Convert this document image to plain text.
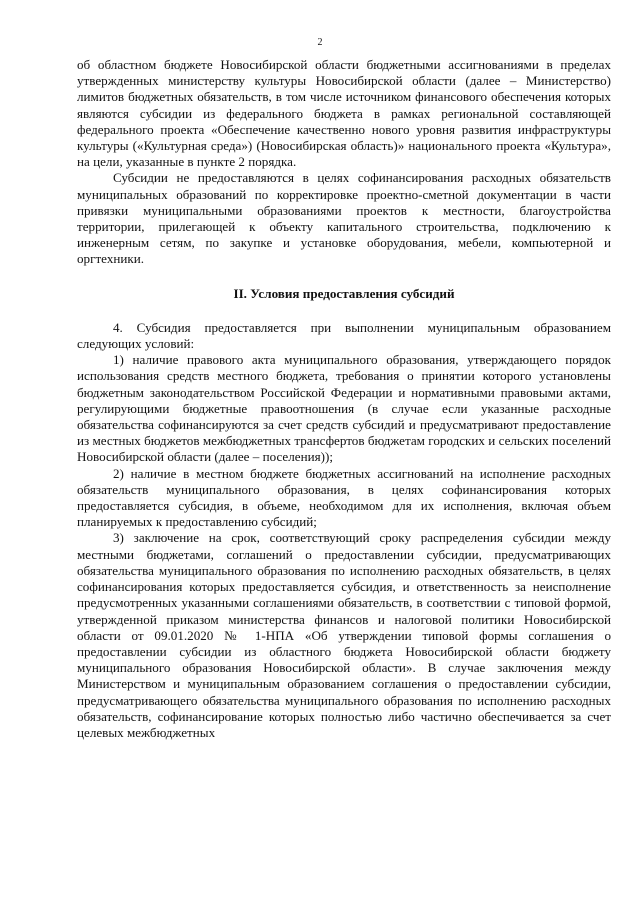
2

об областном бюджете Новосибирской области бюджетными ассигнованиями в пределах утвержденных министерству культуры Новосибирской области (далее – Министерство) лимитов бюджетных обязательств, в том числе источником финансового обеспечения которых являются субсидии из федерального бюджета в рамках региональной составляющей федерального проекта «Обеспечение качественно нового уровня развития инфраструктуры культуры («Культурная среда») (Новосибирская область)» национального проекта «Культура», на цели, указанные в пункте 2 порядка.

Субсидии не предоставляются в целях софинансирования расходных обязательств муниципальных образований по корректировке проектно-сметной документации в части привязки муниципальными образованиями проектов к местности, благоустройства территории, прилегающей к объекту капитального строительства, подключению к инженерным сетям, по закупке и установке оборудования, мебели, компьютерной и оргтехники.

II. Условия предоставления субсидий

4. Субсидия предоставляется при выполнении муниципальным образованием следующих условий:

1) наличие правового акта муниципального образования, утверждающего порядок использования средств местного бюджета, требования о принятии которого установлены бюджетным законодательством Российской Федерации и нормативными правовыми актами, регулирующими бюджетные правоотношения (в случае если указанные расходные обязательства софинансируются за счет средств субсидий и предусматривают предоставление из местных бюджетов межбюджетных трансфертов бюджетам городских и сельских поселений Новосибирской области (далее – поселения));

2) наличие в местном бюджете бюджетных ассигнований на исполнение расходных обязательств муниципального образования, в целях софинансирования которых предоставляется субсидия, в объеме, необходимом для их исполнения, включая объем планируемых к предоставлению субсидий;

3) заключение на срок, соответствующий сроку распределения субсидии между местными бюджетами, соглашений о предоставлении субсидии, предусматривающих обязательства муниципального образования по исполнению расходных обязательств, в целях софинансирования которых предоставляется субсидия, и ответственность за неисполнение предусмотренных указанными соглашениями обязательств, в соответствии с типовой формой, утвержденной приказом министерства финансов и налоговой политики Новосибирской области от 09.01.2020 № 1-НПА «Об утверждении типовой формы соглашения о предоставлении субсидии из областного бюджета Новосибирской области бюджету муниципального образования Новосибирской области». В случае заключения между Министерством и муниципальным образованием соглашения о предоставлении субсидии, предусматривающего обязательства муниципального образования по исполнению расходных обязательств, софинансирование которых полностью либо частично обеспечивается за счет целевых межбюджетных
